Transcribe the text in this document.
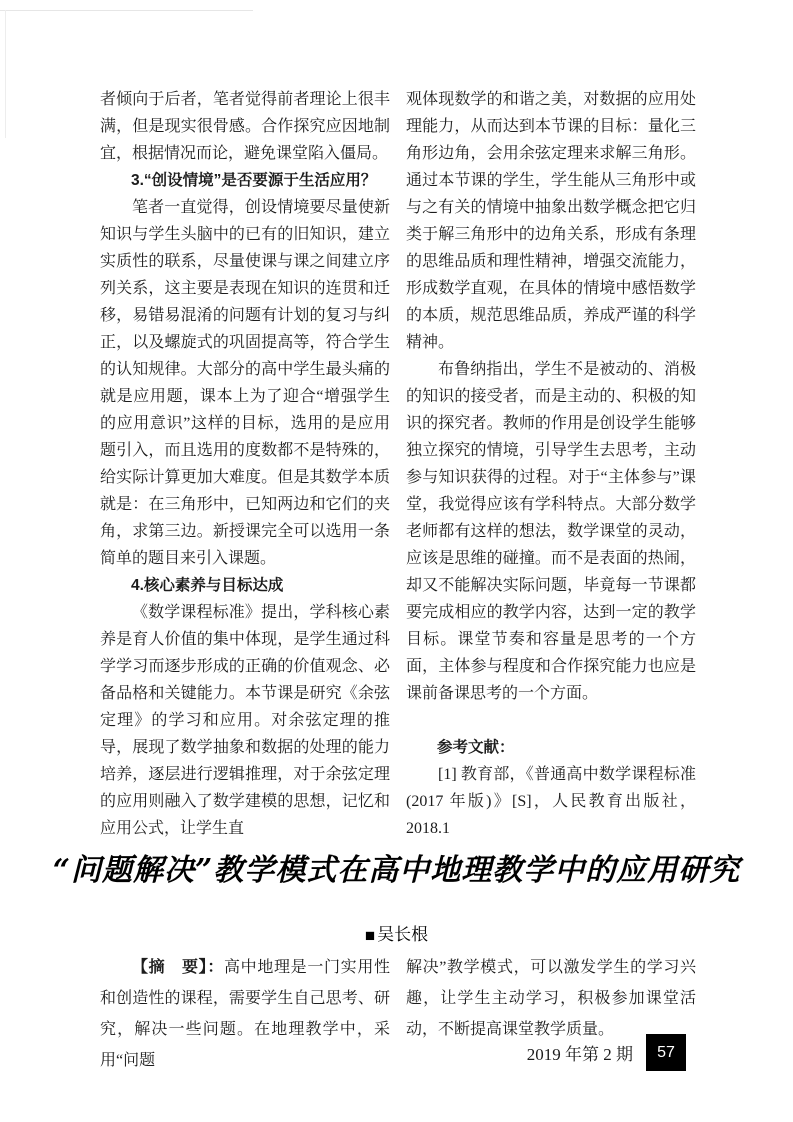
者倾向于后者，笔者觉得前者理论上很丰满，但是现实很骨感。合作探究应因地制宜，根据情况而论，避免课堂陷入僵局。

3.“创设情境”是否要源于生活应用？

笔者一直觉得，创设情境要尽量使新知识与学生头脑中的已有的旧知识，建立实质性的联系，尽量使课与课之间建立序列关系，这主要是表现在知识的连贯和迁移，易错易混淆的问题有计划的复习与纠正，以及螺旋式的巩固提高等，符合学生的认知规律。大部分的高中学生最头痛的就是应用题，课本上为了迎合“增强学生的应用意识”这样的目标，选用的是应用题引入，而且选用的度数都不是特殊的，给实际计算更加大难度。但是其数学本质就是：在三角形中，已知两边和它们的夹角，求第三边。新授课完全可以选用一条简单的题目来引入课题。

4.核心素养与目标达成

《数学课程标准》提出，学科核心素养是育人价值的集中体现，是学生通过科学学习而逐步形成的正确的价值观念、必备品格和关键能力。本节课是研究《余弦定理》的学习和应用。对余弦定理的推导，展现了数学抽象和数据的处理的能力培养，逐层进行逻辑推理，对于余弦定理的应用则融入了数学建模的思想，记忆和应用公式，让学生直

观体现数学的和谐之美，对数据的应用处理能力，从而达到本节课的目标：量化三角形边角，会用余弦定理来求解三角形。通过本节课的学生，学生能从三角形中或与之有关的情境中抽象出数学概念把它归类于解三角形中的边角关系，形成有条理的思维品质和理性精神，增强交流能力，形成数学直观，在具体的情境中感悟数学的本质，规范思维品质，养成严谨的科学精神。

布鲁纳指出，学生不是被动的、消极的知识的接受者，而是主动的、积极的知识的探究者。教师的作用是创设学生能够独立探究的情境，引导学生去思考，主动参与知识获得的过程。对于“主体参与”课堂，我觉得应该有学科特点。大部分数学老师都有这样的想法，数学课堂的灵动，应该是思维的碰撞。而不是表面的热闹，却又不能解决实际问题，毕竟每一节课都要完成相应的教学内容，达到一定的教学目标。课堂节奏和容量是思考的一个方面，主体参与程度和合作探究能力也应是课前备课思考的一个方面。

参考文献：

[1] 教育部，《普通高中数学课程标准(2017 年版)》[S]，人民教育出版社，2018.1

“问题解决”教学模式在高中地理教学中的应用研究
■ 吴长根

【摘　要】：高中地理是一门实用性和创造性的课程，需要学生自己思考、研究，解决一些问题。在地理教学中，采用“问题

解决”教学模式，可以激发学生的学习兴趣，让学生主动学习，积极参加课堂活动，不断提高课堂教学质量。

2019 年第 2 期	57
